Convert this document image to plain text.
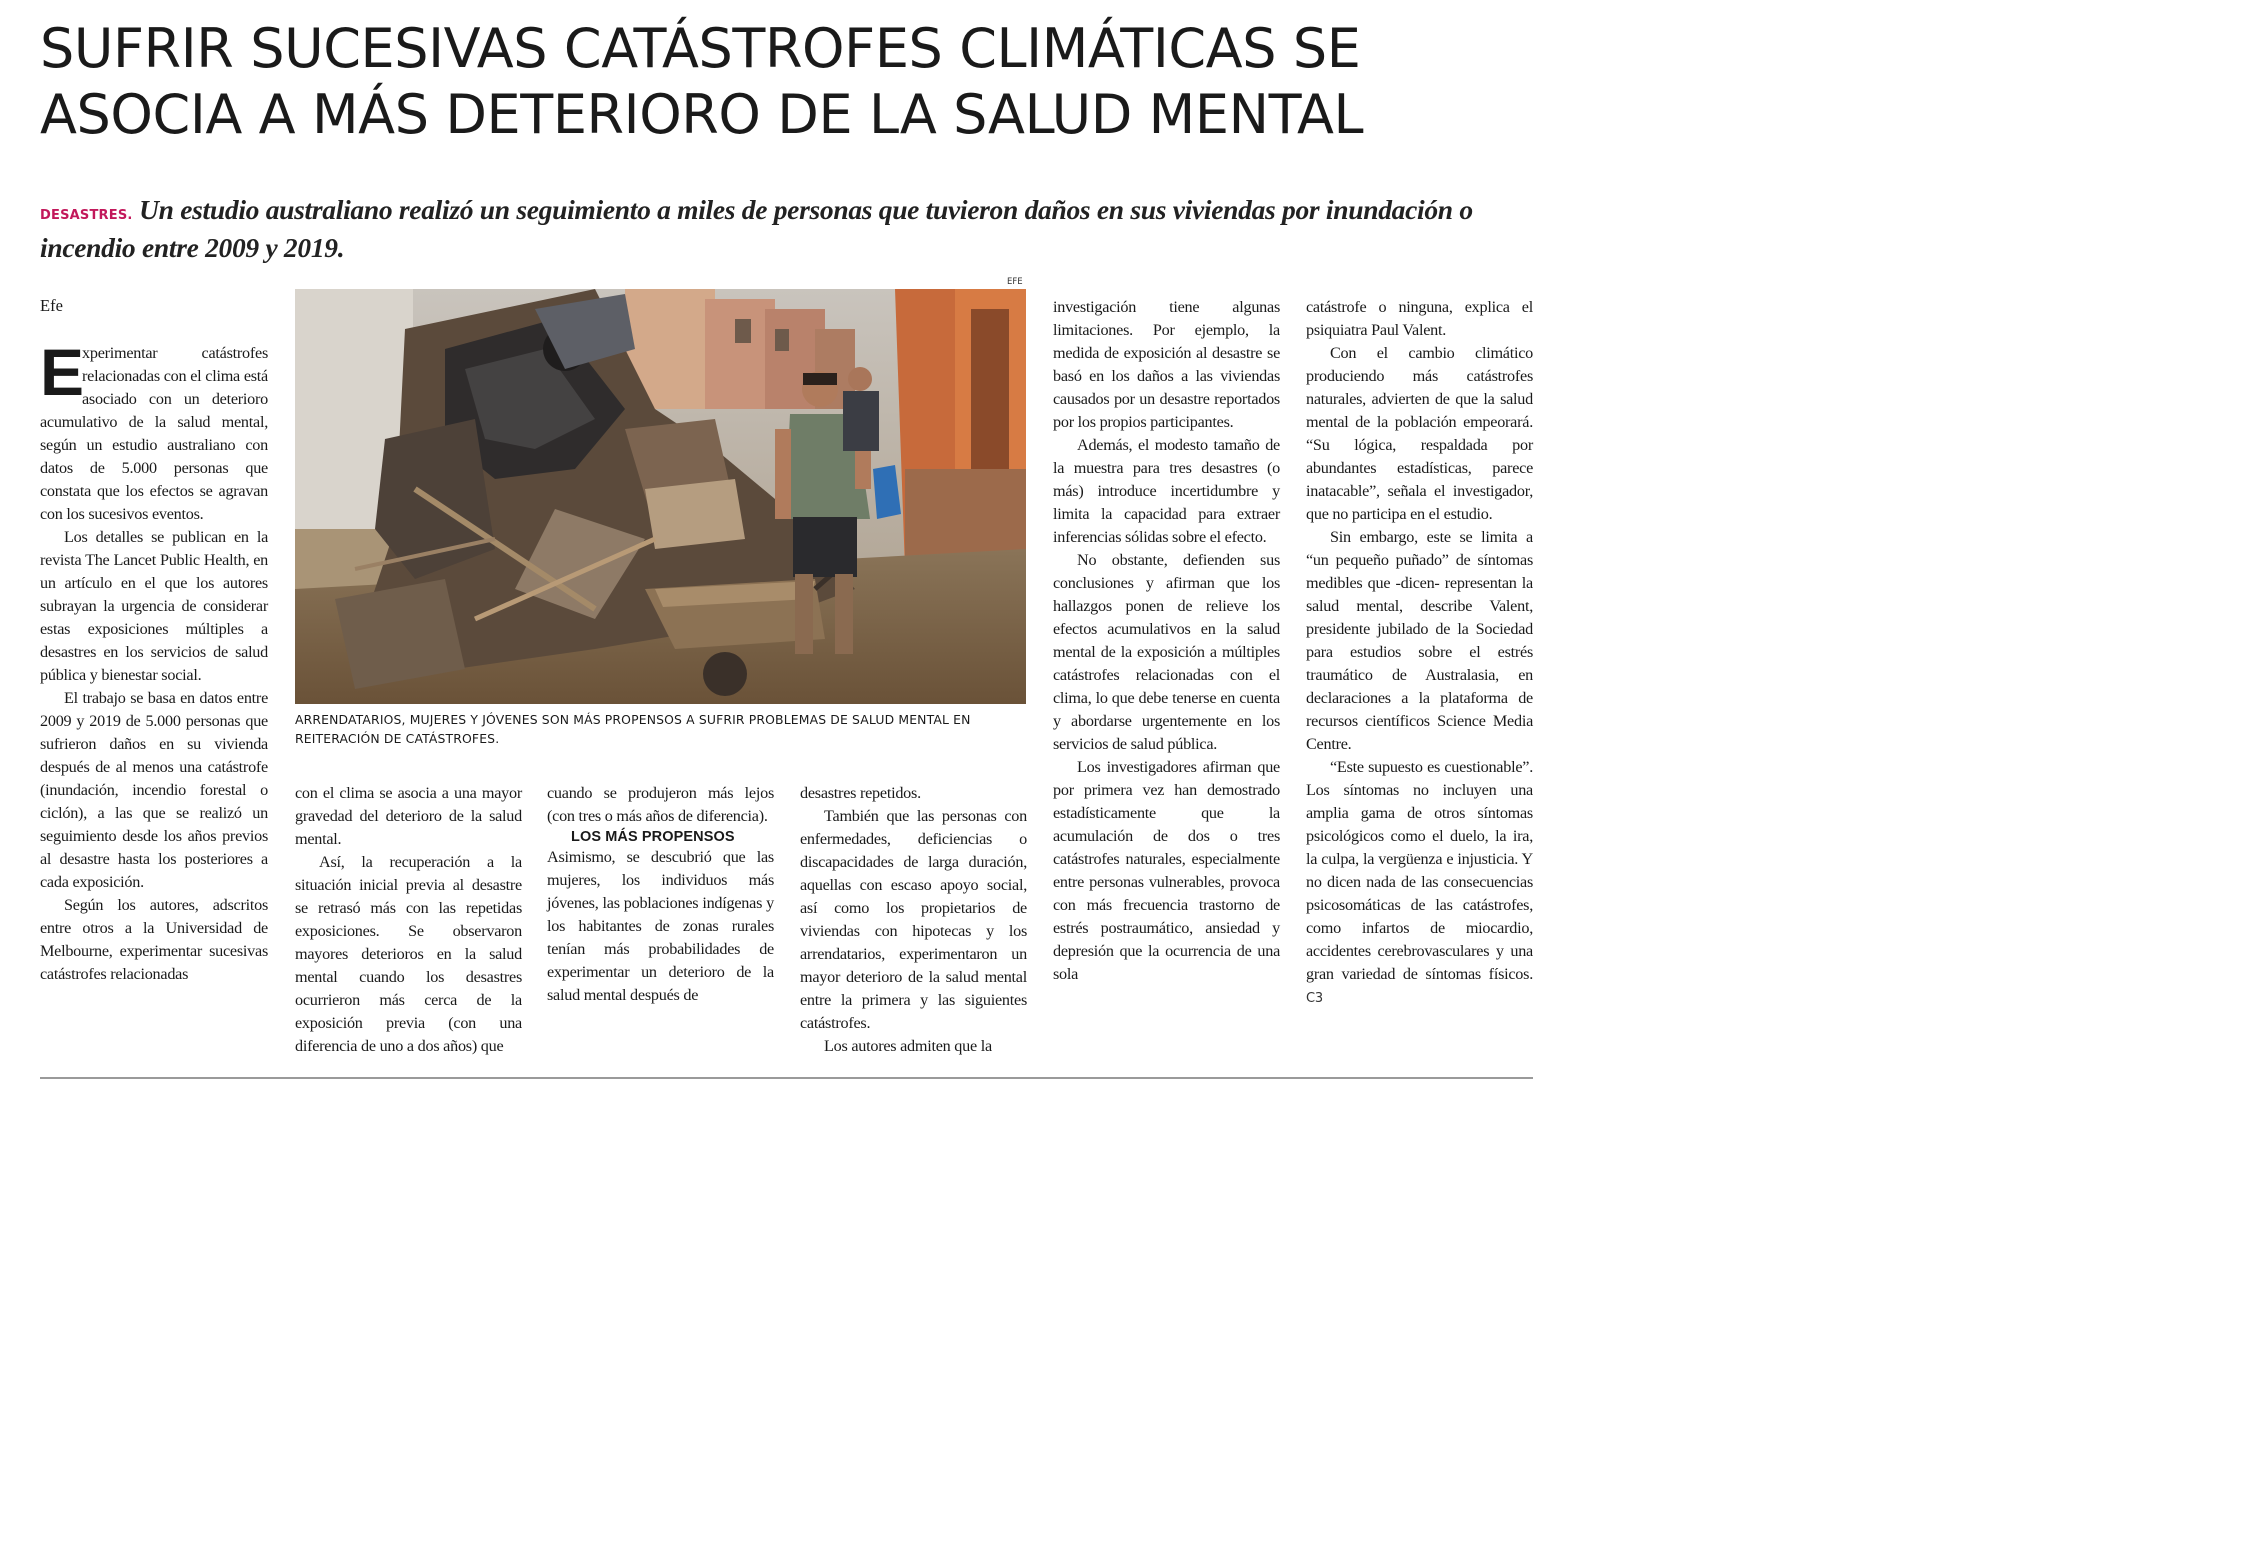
SUFRIR SUCESIVAS CATÁSTROFES CLIMÁTICAS SE
ASOCIA A MÁS DETERIORO DE LA SALUD MENTAL
DESASTRES. Un estudio australiano realizó un seguimiento a miles de personas que tuvieron daños en sus viviendas por inundación o incendio entre 2009 y 2019.
Efe

E
xperimentar catástrofes relacionadas con el clima está asociado con un deterioro acumulativo de la salud mental, según un estudio australiano con datos de 5.000 personas que constata que los efectos se agravan con los sucesivos eventos.

Los detalles se publican en la revista The Lancet Public Health, en un artículo en el que los autores subrayan la urgencia de considerar estas exposiciones múltiples a desastres en los servicios de salud pública y bienestar social.

El trabajo se basa en datos entre 2009 y 2019 de 5.000 personas que sufrieron daños en su vivienda después de al menos una catástrofe (inundación, incendio forestal o ciclón), a las que se realizó un seguimiento desde los años previos al desastre hasta los posteriores a cada exposición.

Según los autores, adscritos entre otros a la Universidad de Melbourne, experimentar sucesivas catástrofes relacionadas

EFE
ARRENDATARIOS, MUJERES Y JÓVENES SON MÁS PROPENSOS A SUFRIR PROBLEMAS DE SALUD MENTAL EN REITERACIÓN DE CATÁSTROFES.

con el clima se asocia a una mayor gravedad del deterioro de la salud mental.

Así, la recuperación a la situación inicial previa al desastre se retrasó más con las repetidas exposiciones. Se observaron mayores deterioros en la salud mental cuando los desastres ocurrieron más cerca de la exposición previa (con una diferencia de uno a dos años) que

cuando se produjeron más lejos (con tres o más años de diferencia).

LOS MÁS PROPENSOS

Asimismo, se descubrió que las mujeres, los individuos más jóvenes, las poblaciones indígenas y los habitantes de zonas rurales tenían más probabilidades de experimentar un deterioro de la salud mental después de

desastres repetidos.

También que las personas con enfermedades, deficiencias o discapacidades de larga duración, aquellas con escaso apoyo social, así como los propietarios de viviendas con hipotecas y los arrendatarios, experimentaron un mayor deterioro de la salud mental entre la primera y las siguientes catástrofes.

Los autores admiten que la

investigación tiene algunas limitaciones. Por ejemplo, la medida de exposición al desastre se basó en los daños a las viviendas causados por un desastre reportados por los propios participantes.

Además, el modesto tamaño de la muestra para tres desastres (o más) introduce incertidumbre y limita la capacidad para extraer inferencias sólidas sobre el efecto.

No obstante, defienden sus conclusiones y afirman que los hallazgos ponen de relieve los efectos acumulativos en la salud mental de la exposición a múltiples catástrofes relacionadas con el clima, lo que debe tenerse en cuenta y abordarse urgentemente en los servicios de salud pública.

Los investigadores afirman que por primera vez han demostrado estadísticamente que la acumulación de dos o tres catástrofes naturales, especialmente entre personas vulnerables, provoca con más frecuencia trastorno de estrés postraumático, ansiedad y depresión que la ocurrencia de una sola

catástrofe o ninguna, explica el psiquiatra Paul Valent.

Con el cambio climático produciendo más catástrofes naturales, advierten de que la salud mental de la población empeorará. “Su lógica, respaldada por abundantes estadísticas, parece inatacable”, señala el investigador, que no participa en el estudio.

Sin embargo, este se limita a “un pequeño puñado” de síntomas medibles que -dicen- representan la salud mental, describe Valent, presidente jubilado de la Sociedad para estudios sobre el estrés traumático de Australasia, en declaraciones a la plataforma de recursos científicos Science Media Centre.

“Este supuesto es cuestionable”. Los síntomas no incluyen una amplia gama de otros síntomas psicológicos como el duelo, la ira, la culpa, la vergüenza e injusticia. Y no dicen nada de las consecuencias psicosomáticas de las catástrofes, como infartos de miocardio, accidentes cerebrovasculares y una gran variedad de síntomas físicos. C3
